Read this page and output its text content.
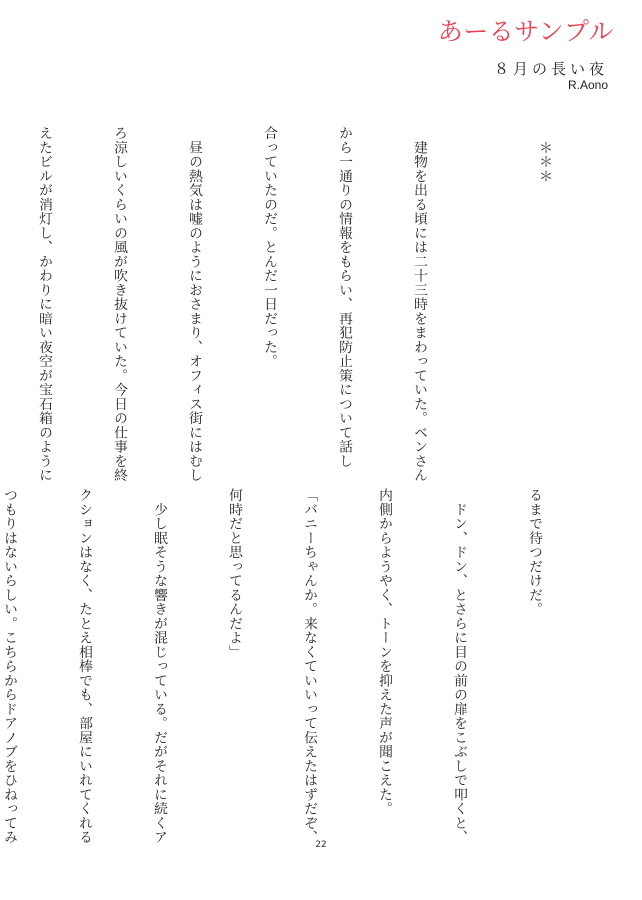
あーるサンプル
８月の長い夜
R.Aono

　＊＊＊

　建物を出る頃には二十三時をまわっていた。ベンさん

から一通りの情報をもらい、再犯防止策について話し

合っていたのだ。とんだ一日だった。

　昼の熱気は嘘のようにおさまり、オフィス街にはむし

ろ涼しいくらいの風が吹き抜けていた。今日の仕事を終

えたビルが消灯し、かわりに暗い夜空が宝石箱のように

るまで待つだけだ。

　ドン、ドン、とさらに目の前の扉をこぶしで叩くと、

内側からようやく、トーンを抑えた声が聞こえた。

「バニーちゃんか。来なくていいって伝えたはずだぞ、

何時だと思ってるんだよ」

　少し眠そうな響きが混じっている。だがそれに続くア

クションはなく、たとえ相棒でも、部屋にいれてくれる

つもりはないらしい。こちらからドアノブをひねってみ

22
